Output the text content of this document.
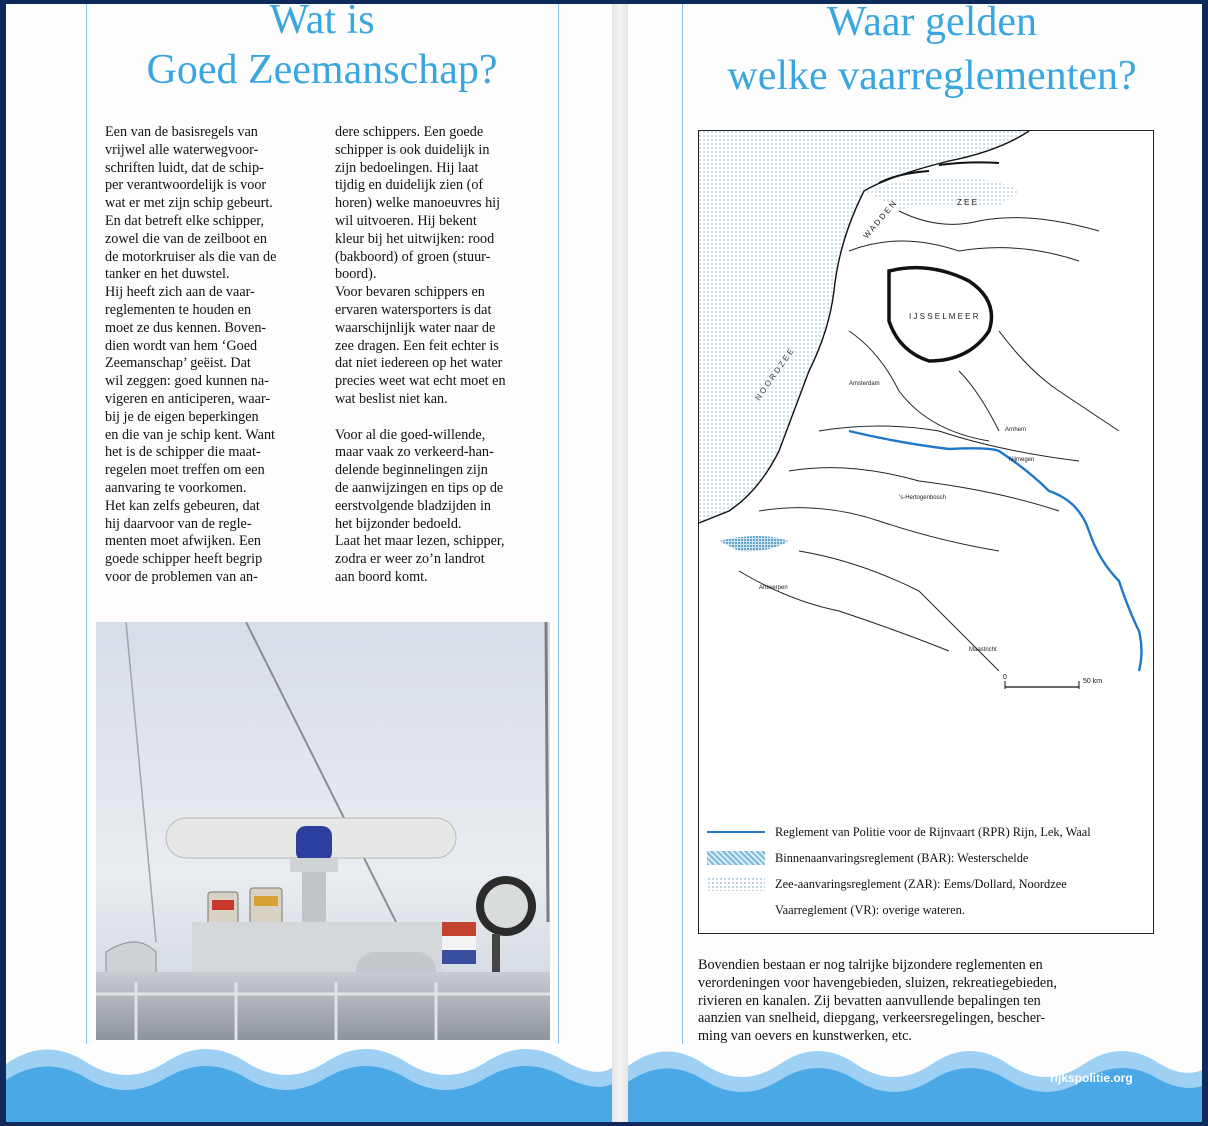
Wat is
Goed Zeemanschap?
Een van de basisregels van
vrijwel alle waterwegvoor-
schriften luidt, dat de schip-
per verantwoordelijk is voor
wat er met zijn schip gebeurt.
En dat betreft elke schipper,
zowel die van de zeilboot en
de motorkruiser als die van de
tanker en het duwstel.
Hij heeft zich aan de vaar-
reglementen te houden en
moet ze dus kennen. Boven-
dien wordt van hem ‘Goed
Zeemanschap’ geëist. Dat
wil zeggen: goed kunnen na-
vigeren en anticiperen, waar-
bij je de eigen beperkingen
en die van je schip kent. Want
het is de schipper die maat-
regelen moet treffen om een
aanvaring te voorkomen.
Het kan zelfs gebeuren, dat
hij daarvoor van de regle-
menten moet afwijken. Een
goede schipper heeft begrip
voor de problemen van an-
dere schippers. Een goede
schipper is ook duidelijk in
zijn bedoelingen. Hij laat
tijdig en duidelijk zien (of
horen) welke manoeuvres hij
wil uitvoeren. Hij bekent
kleur bij het uitwijken: rood
(bakboord) of groen (stuur-
boord).
Voor bevaren schippers en
ervaren watersporters is dat
waarschijnlijk water naar de
zee dragen. Een feit echter is
dat niet iedereen op het water
precies weet wat echt moet en
wat beslist niet kan.

Voor al die goed-willende,
maar vaak zo verkeerd-han-
delende beginnelingen zijn
de aanwijzingen en tips op de
eerstvolgende bladzijden in
het bijzonder bedoeld.
Laat het maar lezen, schipper,
zodra er weer zo’n landrot
aan boord komt.
Waar gelden
welke vaarreglementen?
W A D D E N	Z E E
N O O R D Z E E
I J S S E L M E E R
Amsterdam
Arnhem
’s-Hertogenbosch
Antwerpen
Maastricht
Nijmegen
0
50 km
Reglement van Politie voor de Rijnvaart (RPR) Rijn, Lek, Waal
Binnenaanvaringsreglement (BAR): Westerschelde
Zee-aanvaringsreglement (ZAR): Eems/Dollard, Noordzee
Vaarreglement (VR): overige wateren.
Bovendien bestaan er nog talrijke bijzondere reglementen en
verordeningen voor havengebieden, sluizen, rekreatiegebieden,
rivieren en kanalen. Zij bevatten aanvullende bepalingen ten
aanzien van snelheid, diepgang, verkeersregelingen, bescher-
ming van oevers en kunstwerken, etc.
rijkspolitie.org
